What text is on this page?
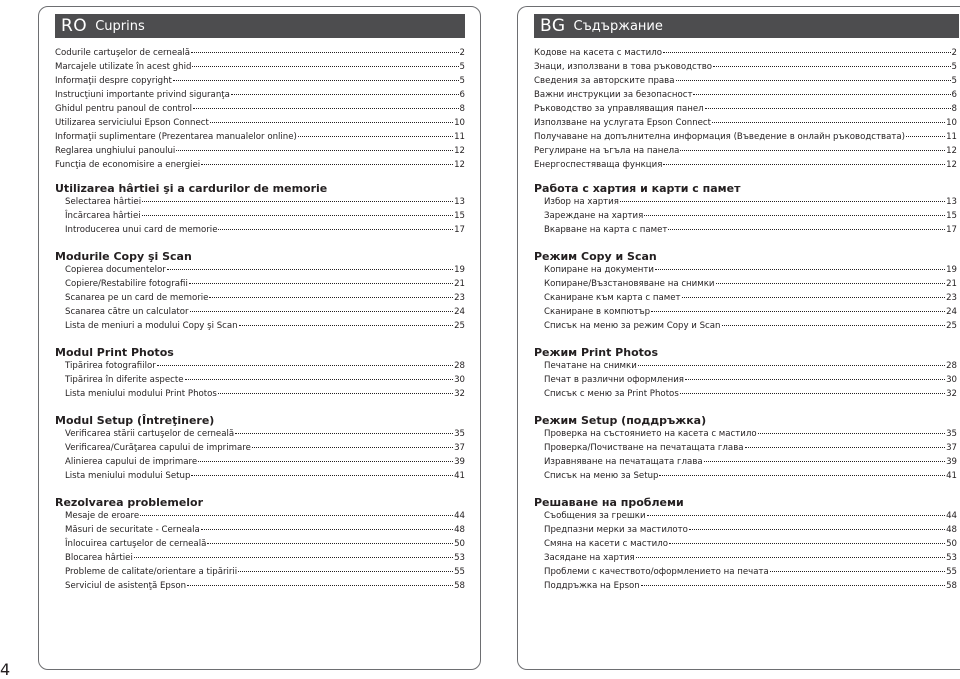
RO Cuprins
Codurile cartuşelor de cerneală	2
Marcajele utilizate în acest ghid	5
Informaţii despre copyright	5
Instrucţiuni importante privind siguranţa	6
Ghidul pentru panoul de control	8
Utilizarea serviciului Epson Connect	10
Informaţii suplimentare (Prezentarea manualelor online)	11
Reglarea unghiului panoului	12
Funcţia de economisire a energiei	12
Utilizarea hârtiei şi a cardurilor de memorie
Selectarea hârtiei	13
Încărcarea hârtiei	15
Introducerea unui card de memorie	17
Modurile Copy şi Scan
Copierea documentelor	19
Copiere/Restabilire fotografii	21
Scanarea pe un card de memorie	23
Scanarea către un calculator	24
Lista de meniuri a modului Copy şi Scan	25
Modul Print Photos
Tipărirea fotografiilor	28
Tipărirea în diferite aspecte	30
Lista meniului modului Print Photos	32
Modul Setup (Întreţinere)
Verificarea stării cartuşelor de cerneală	35
Verificarea/Curăţarea capului de imprimare	37
Alinierea capului de imprimare	39
Lista meniului modului Setup	41
Rezolvarea problemelor
Mesaje de eroare	44
Măsuri de securitate - Cerneala	48
Înlocuirea cartuşelor de cerneală	50
Blocarea hârtiei	53
Probleme de calitate/orientare a tipăririi	55
Serviciul de asistenţă Epson	58
BG Съдържание
Кодове на касета с мастило	2
Знаци, използвани в това ръководство	5
Сведения за авторските права	5
Важни инструкции за безопасност	6
Ръководство за управляващия панел	8
Използване на услугата Epson Connect	10
Получаване на допълнителна информация (Въведение в онлайн ръководствата)	11
Регулиране на ъгъла на панела	12
Енергоспестяваща функция	12
Работа с хартия и карти с памет
Избор на хартия	13
Зареждане на хартия	15
Вкарване на карта с памет	17
Режим Copy и Scan
Копиране на документи	19
Копиране/Възстановяване на снимки	21
Сканиране към карта с памет	23
Сканиране в компютър	24
Списък на меню за режим Copy и Scan	25
Режим Print Photos
Печатане на снимки	28
Печат в различни оформления	30
Списък с меню за Print Photos	32
Режим Setup (поддръжка)
Проверка на състоянието на касета с мастило	35
Проверка/Почистване на печатащата глава	37
Изравняване на печатащата глава	39
Списък на меню за Setup	41
Решаване на проблеми
Съобщения за грешки	44
Предпазни мерки за мастилото	48
Смяна на касети с мастило	50
Засядане на хартия	53
Проблеми с качеството/оформлението на печата	55
Поддръжка на Epson	58
4
